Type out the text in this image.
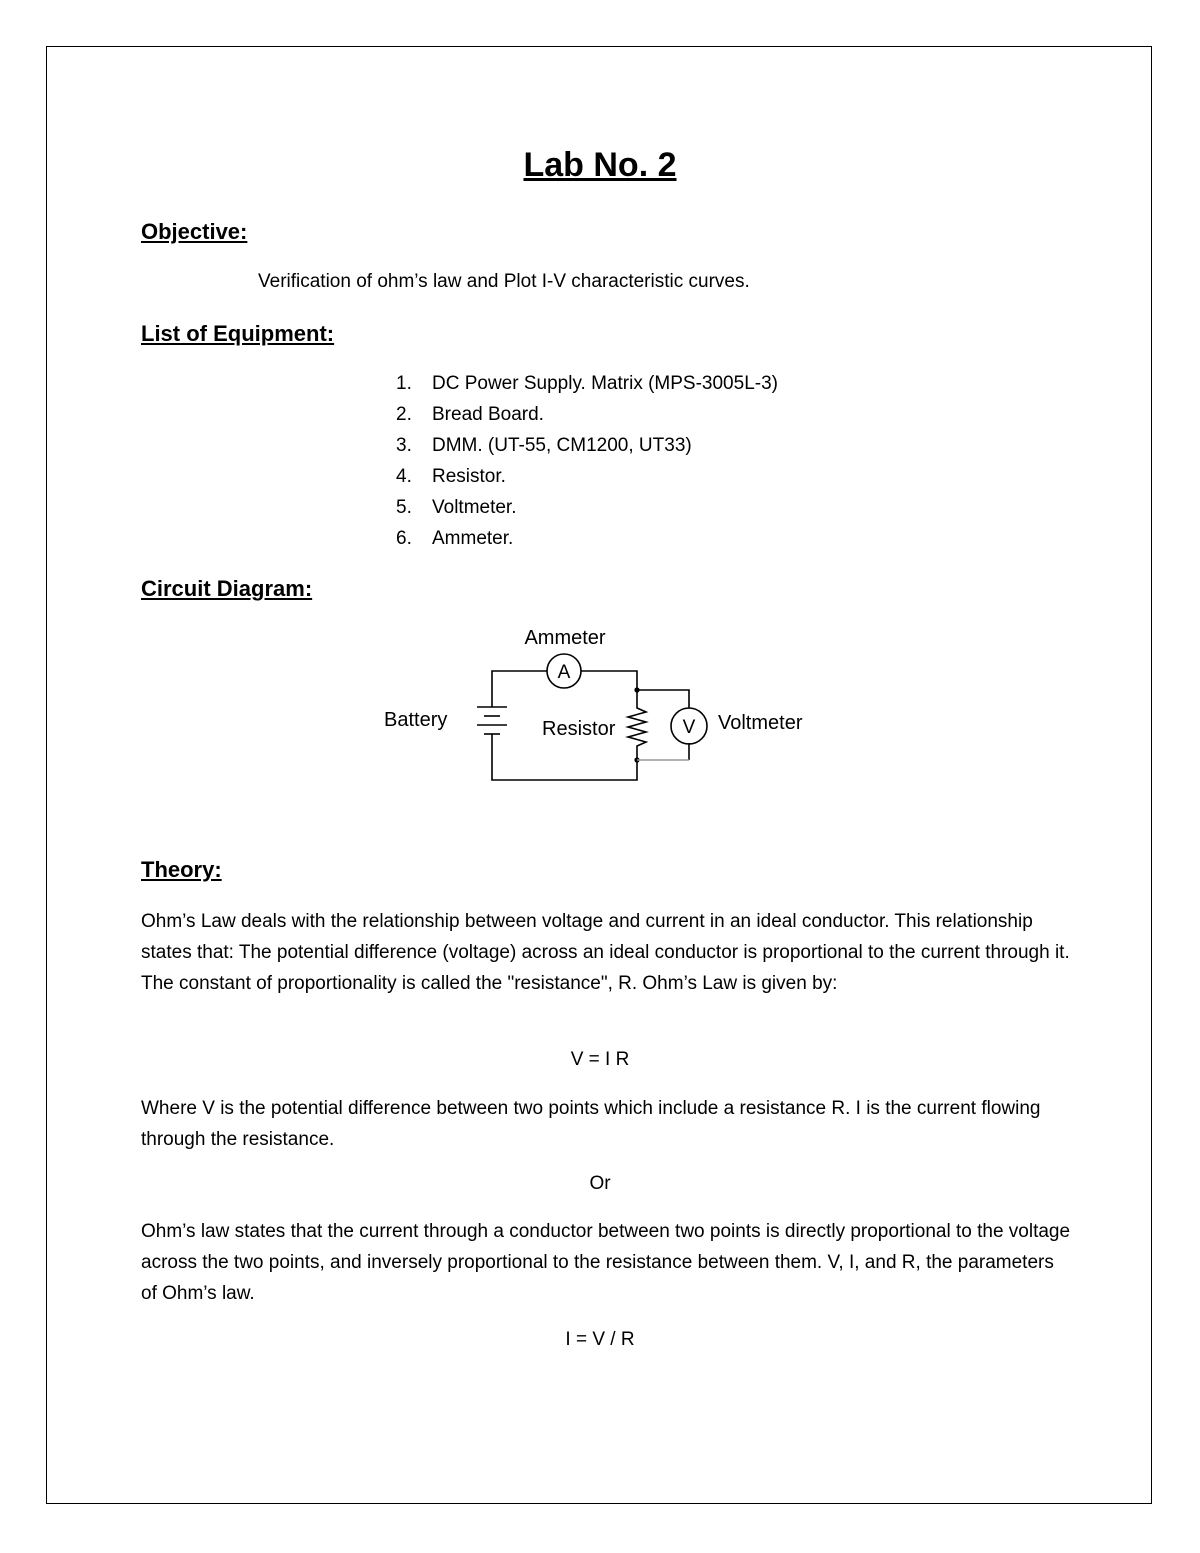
Lab No. 2
Objective:

Verification of ohm’s law and Plot I-V characteristic curves.

List of Equipment:
1. DC Power Supply. Matrix (MPS-3005L-3)
2. Bread Board.
3. DMM. (UT-55, CM1200, UT33)
4. Resistor.
5. Voltmeter.
6. Ammeter.
Circuit Diagram:
A
Ammeter
Battery	Resistor	V Voltmeter
Theory:

Ohm’s Law deals with the relationship between voltage and current in an ideal conductor. This relationship states that: The potential difference (voltage) across an ideal conductor is proportional to the current through it. The constant of proportionality is called the "resistance", R. Ohm’s Law is given by:

V = I R

Where V is the potential difference between two points which include a resistance R. I is the current flowing through the resistance.

Or

Ohm’s law states that the current through a conductor between two points is directly proportional to the voltage across the two points, and inversely proportional to the resistance between them. V, I, and R, the parameters of Ohm’s law.

I = V / R
